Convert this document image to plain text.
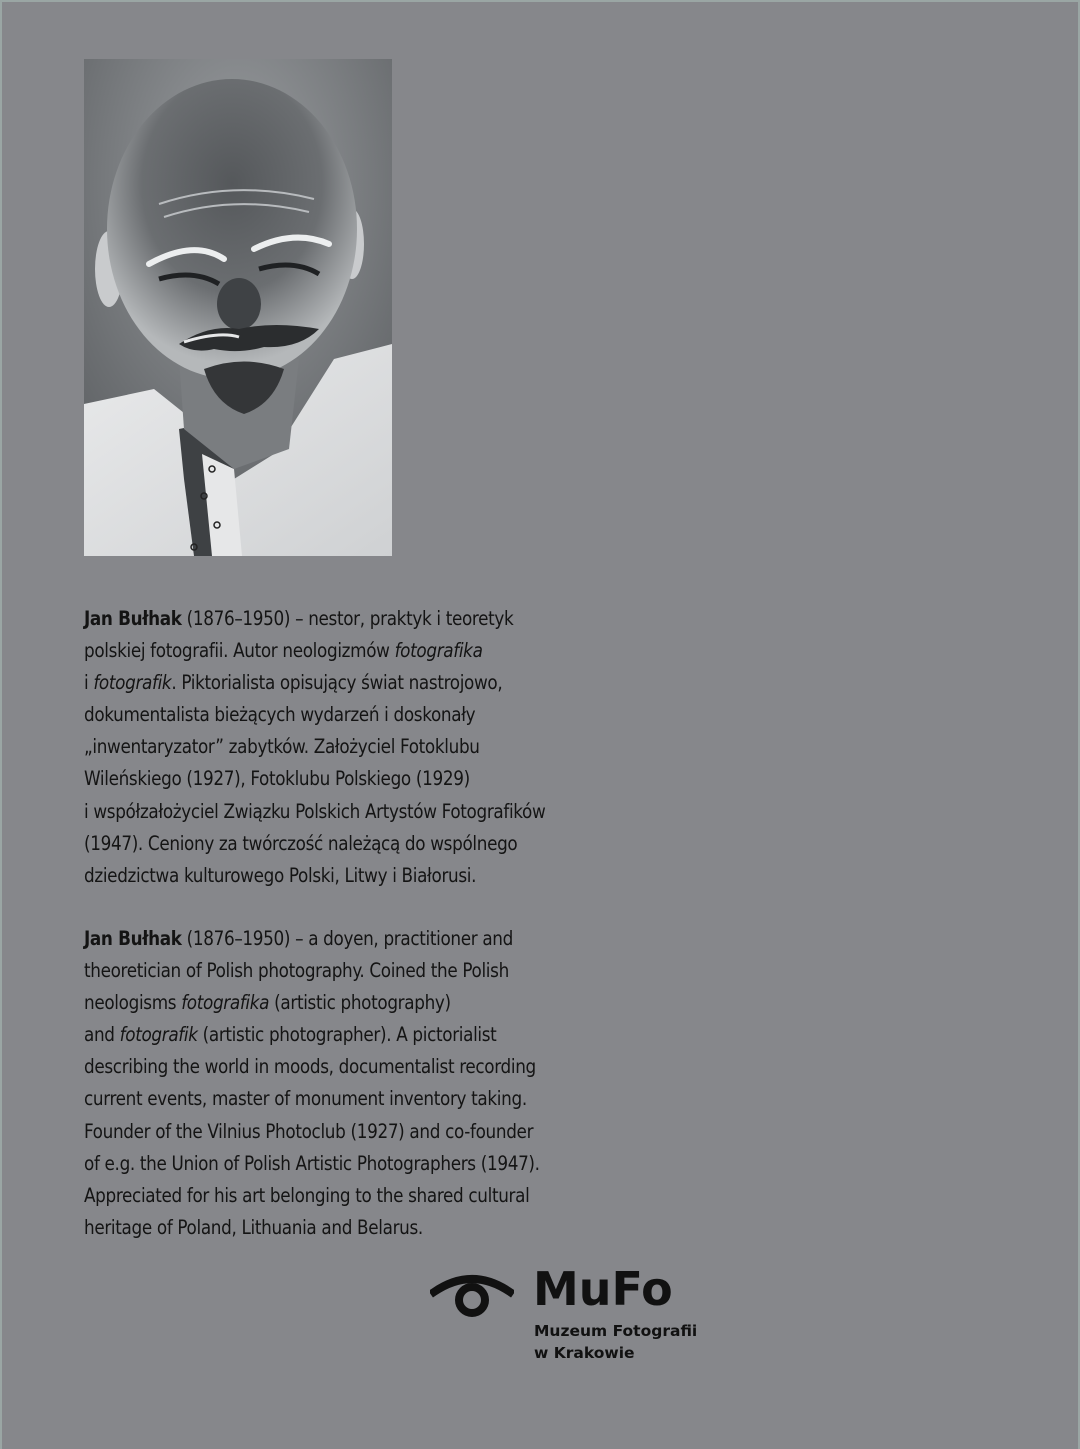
Jan Bułhak (1876–1950) – nestor, praktyk i teoretyk
polskiej fotografii. Autor neologizmów fotografika
i fotografik. Piktorialista opisujący świat nastrojowo,
dokumentalista bieżących wydarzeń i doskonały
„inwentaryzator” zabytków. Założyciel Fotoklubu
Wileńskiego (1927), Fotoklubu Polskiego (1929)
i współzałożyciel Związku Polskich Artystów Fotografików
(1947). Ceniony za twórczość należącą do wspólnego
dziedzictwa kulturowego Polski, Litwy i Białorusi.
Jan Bułhak (1876–1950) – a doyen, practitioner and
theoretician of Polish photography. Coined the Polish
neologisms fotografika (artistic photography)
and fotografik (artistic photographer). A pictorialist
describing the world in moods, documentalist recording
current events, master of monument inventory taking.
Founder of the Vilnius Photoclub (1927) and co-founder
of e.g. the Union of Polish Artistic Photographers (1947).
Appreciated for his art belonging to the shared cultural
heritage of Poland, Lithuania and Belarus.
MuFo
Muzeum Fotografii
w Krakowie
